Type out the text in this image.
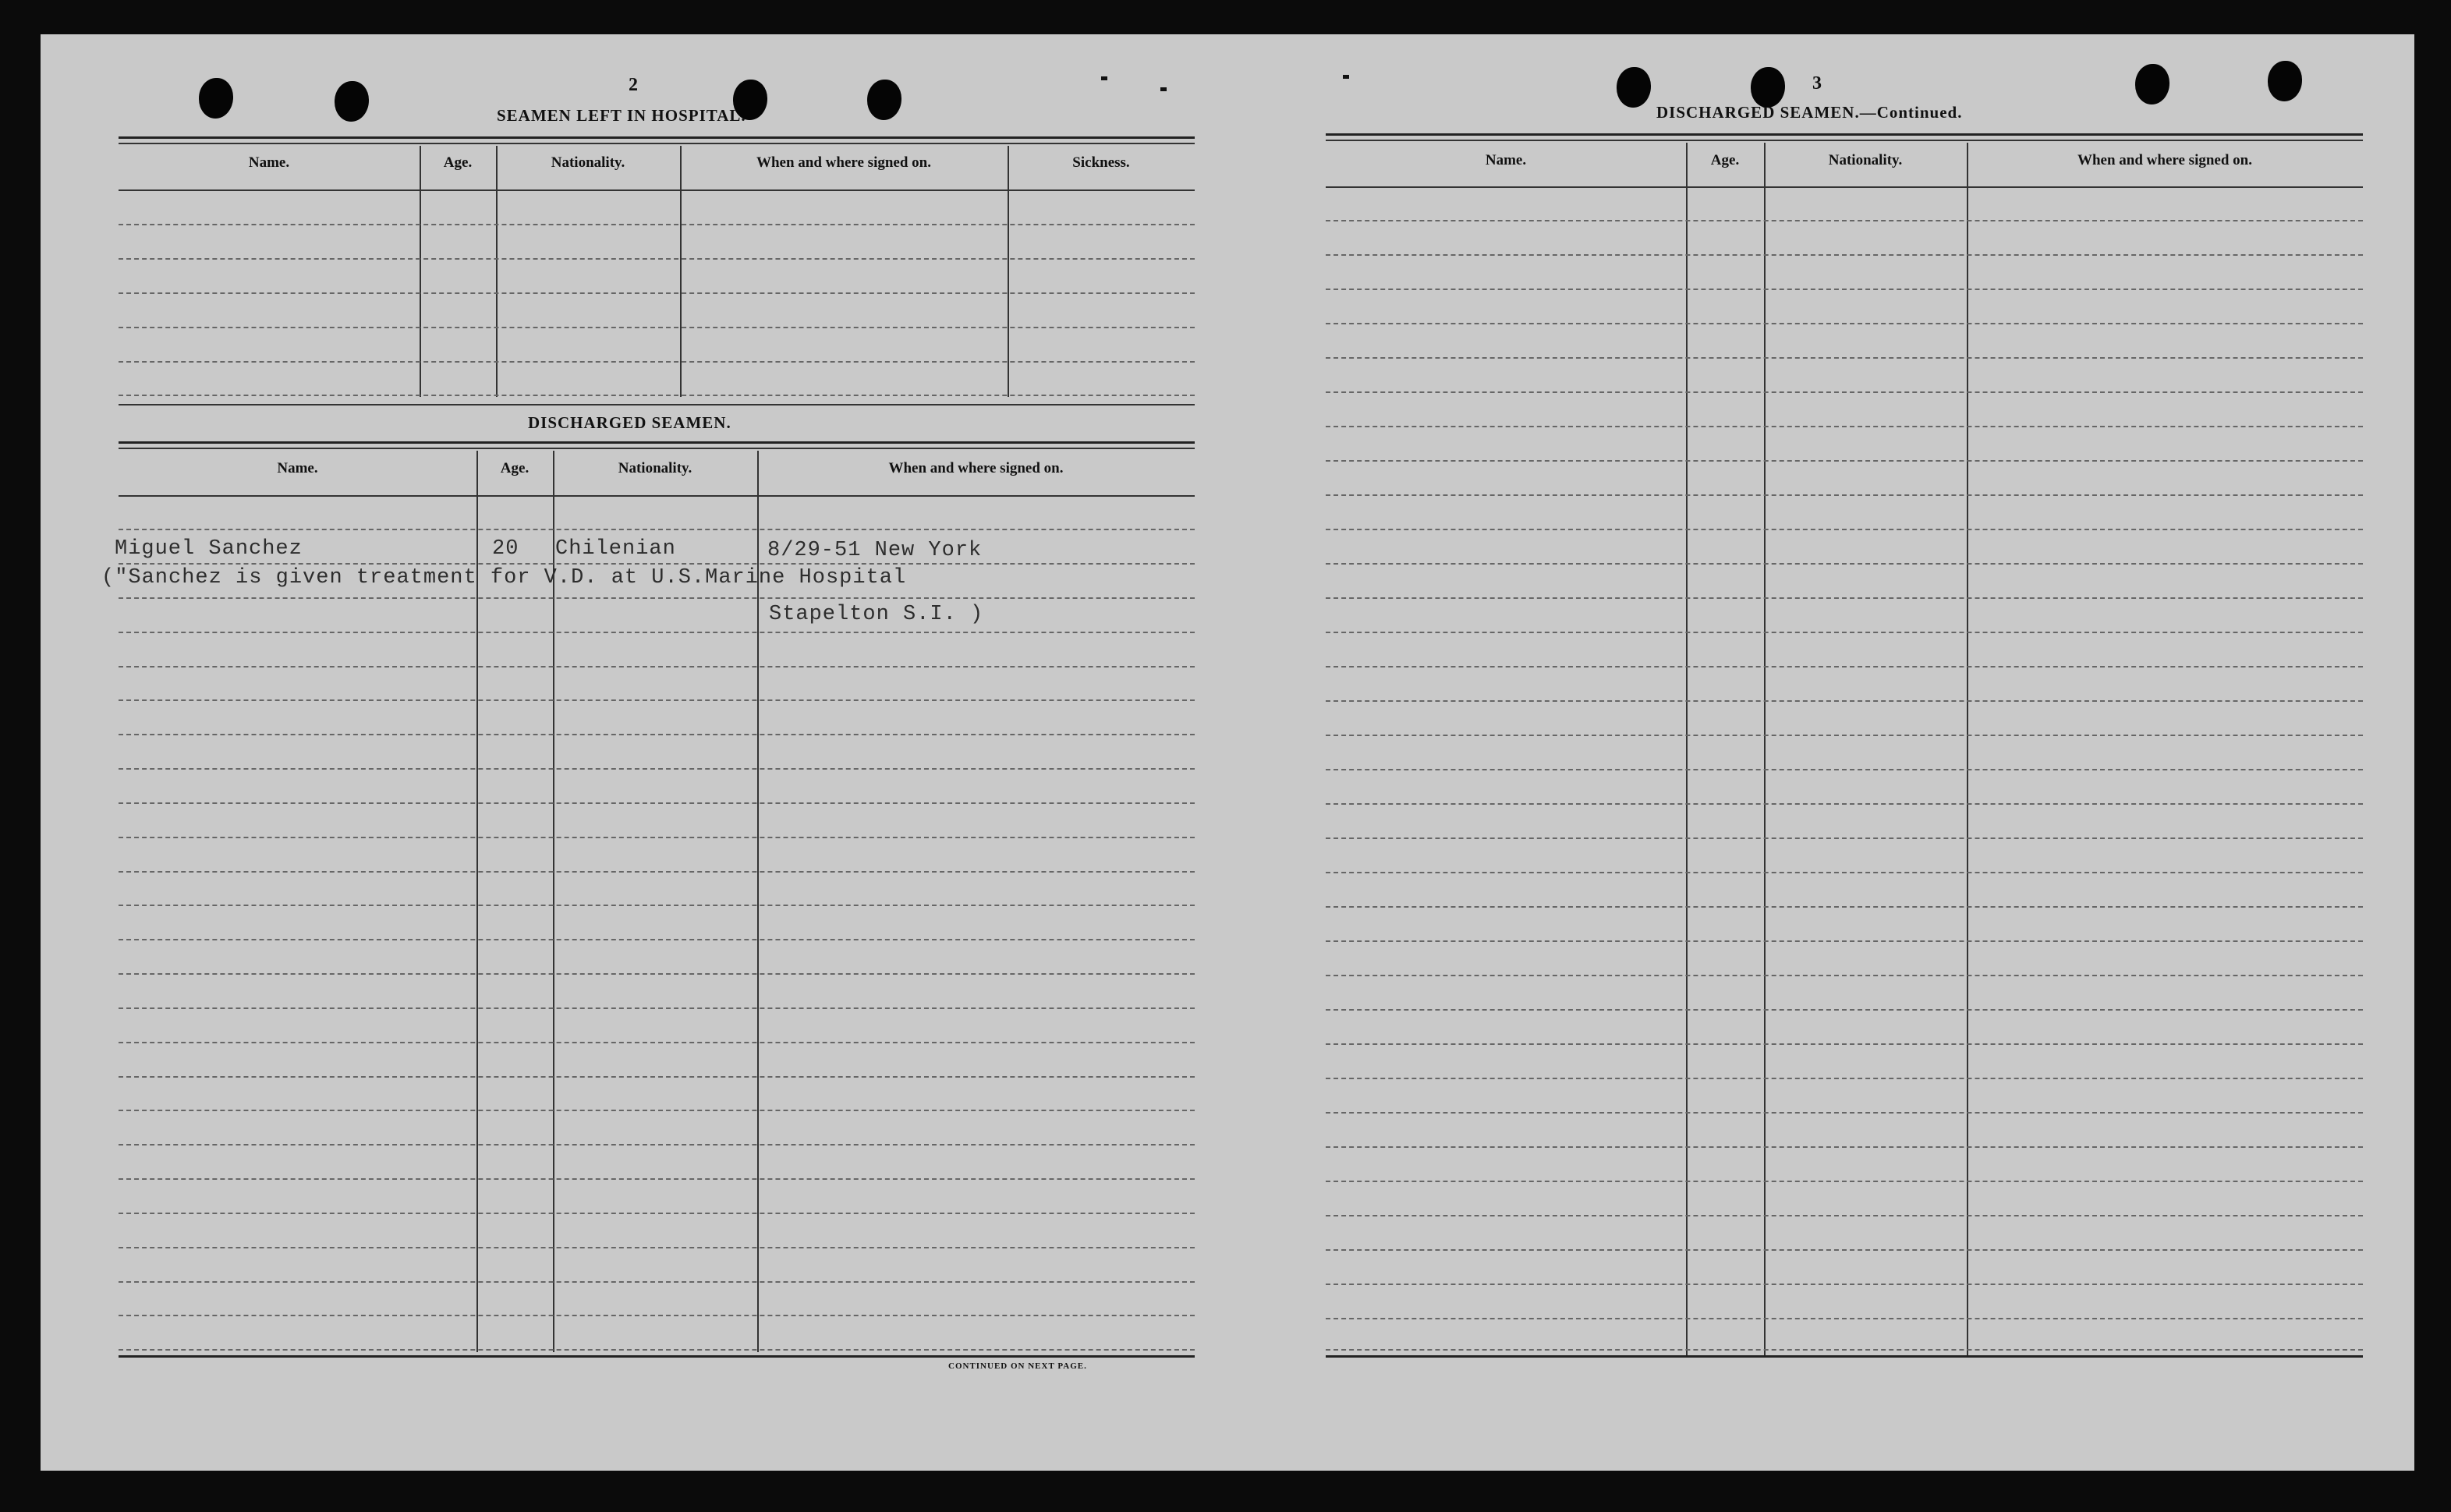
2
SEAMEN LEFT IN HOSPITAL.
Name.	Age.	Nationality.	When and where signed on.	Sickness.
DISCHARGED SEAMEN.
Name.	Age.	Nationality.	When and where signed on.
Miguel Sanchez	20 Chilenian	8/29-51 New York
("Sanchez is given treatment for V.D. at U.S.Marine Hospital
Stapelton S.I. )
CONTINUED ON NEXT PAGE.
3
DISCHARGED SEAMEN.—Continued.
Name.	Age.	Nationality.	When and where signed on.
